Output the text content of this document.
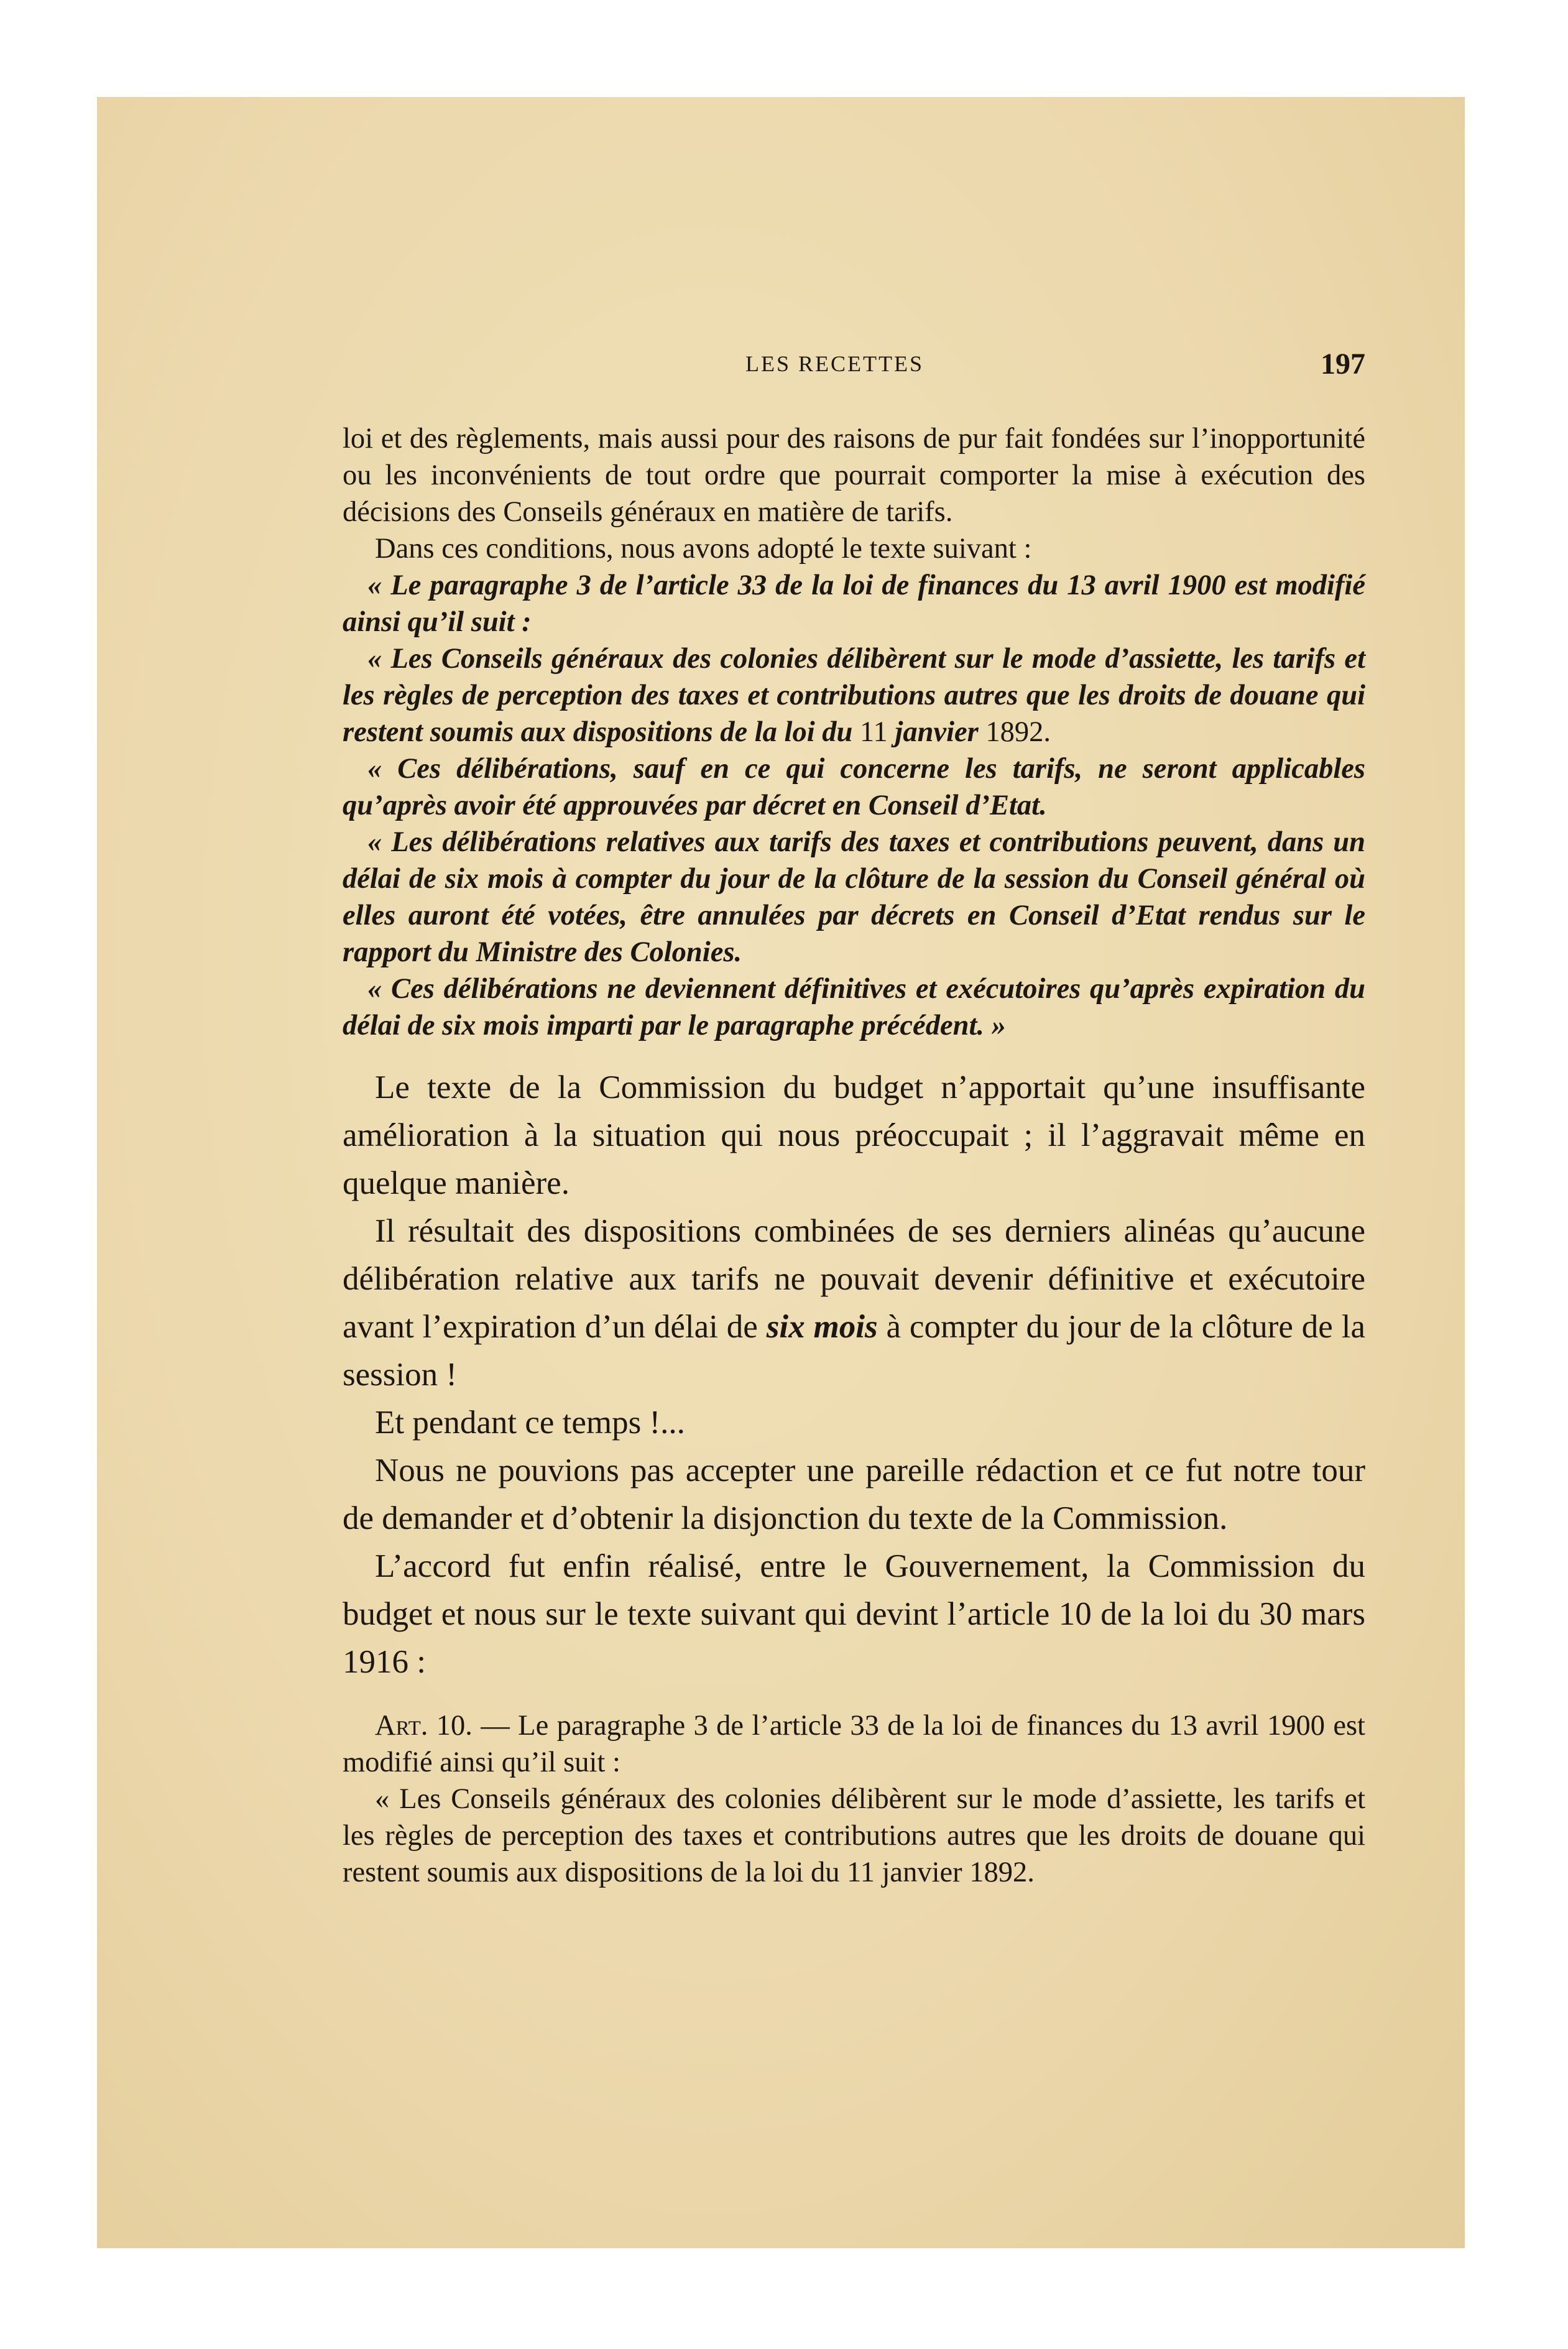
LES RECETTES	197

loi et des règlements, mais aussi pour des raisons de pur fait fondées sur l’inopportunité ou les inconvénients de tout ordre que pourrait comporter la mise à exécution des décisions des Conseils généraux en matière de tarifs.

Dans ces conditions, nous avons adopté le texte suivant :

« Le paragraphe 3 de l’article 33 de la loi de finances du 13 avril 1900 est modifié ainsi qu’il suit :

« Les Conseils généraux des colonies délibèrent sur le mode d’assiette, les tarifs et les règles de perception des taxes et contributions autres que les droits de douane qui restent soumis aux dispositions de la loi du 11 janvier 1892.

« Ces délibérations, sauf en ce qui concerne les tarifs, ne seront applicables qu’après avoir été approuvées par décret en Conseil d’Etat.

« Les délibérations relatives aux tarifs des taxes et contributions peuvent, dans un délai de six mois à compter du jour de la clôture de la session du Conseil général où elles auront été votées, être annulées par décrets en Conseil d’Etat rendus sur le rapport du Ministre des Colonies.

« Ces délibérations ne deviennent définitives et exécutoires qu’après expiration du délai de six mois imparti par le paragraphe précédent. »

Le texte de la Commission du budget n’apportait qu’une insuffisante amélioration à la situation qui nous préoccupait ; il l’aggravait même en quelque manière.

Il résultait des dispositions combinées de ses derniers alinéas qu’aucune délibération relative aux tarifs ne pouvait devenir définitive et exécutoire avant l’expiration d’un délai de six mois à compter du jour de la clôture de la session !

Et pendant ce temps !...

Nous ne pouvions pas accepter une pareille rédaction et ce fut notre tour de demander et d’obtenir la disjonction du texte de la Commission.

L’accord fut enfin réalisé, entre le Gouvernement, la Commission du budget et nous sur le texte suivant qui devint l’article 10 de la loi du 30 mars 1916 :

Art. 10. — Le paragraphe 3 de l’article 33 de la loi de finances du 13 avril 1900 est modifié ainsi qu’il suit :

« Les Conseils généraux des colonies délibèrent sur le mode d’assiette, les tarifs et les règles de perception des taxes et contributions autres que les droits de douane qui restent soumis aux dispositions de la loi du 11 janvier 1892.
